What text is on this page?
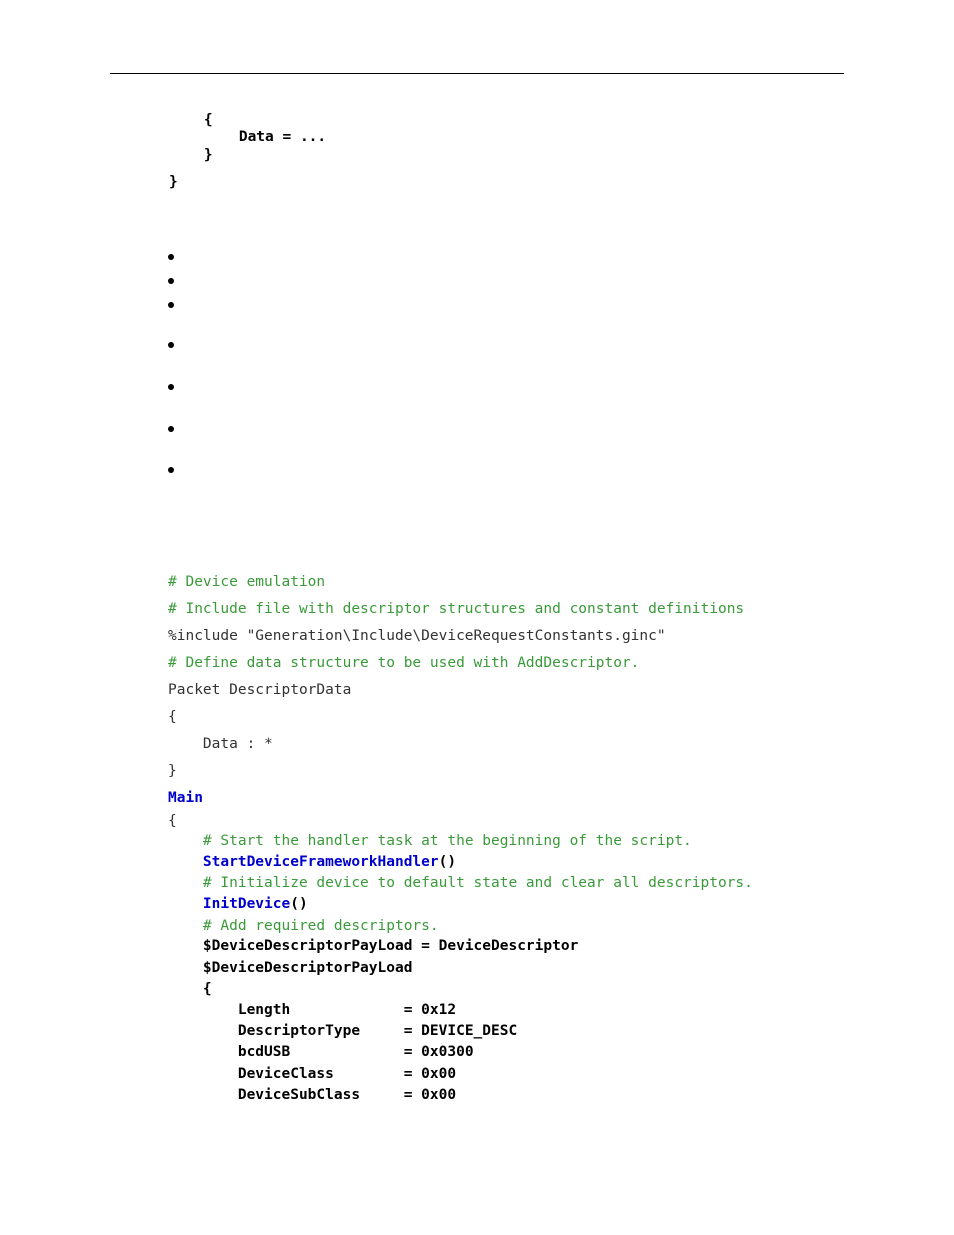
{
Data = ...
}
}
# Device emulation
# Include file with descriptor structures and constant definitions
%include "Generation\Include\DeviceRequestConstants.ginc"
# Define data structure to be used with AddDescriptor.
Packet DescriptorData
{
Data : *
}
Main
{
# Start the handler task at the beginning of the script.
StartDeviceFrameworkHandler()
# Initialize device to default state and clear all descriptors.
InitDevice()
# Add required descriptors.
$DeviceDescriptorPayLoad = DeviceDescriptor
$DeviceDescriptorPayLoad
{
Length             = 0x12
DescriptorType     = DEVICE_DESC
bcdUSB             = 0x0300
DeviceClass        = 0x00
DeviceSubClass     = 0x00
